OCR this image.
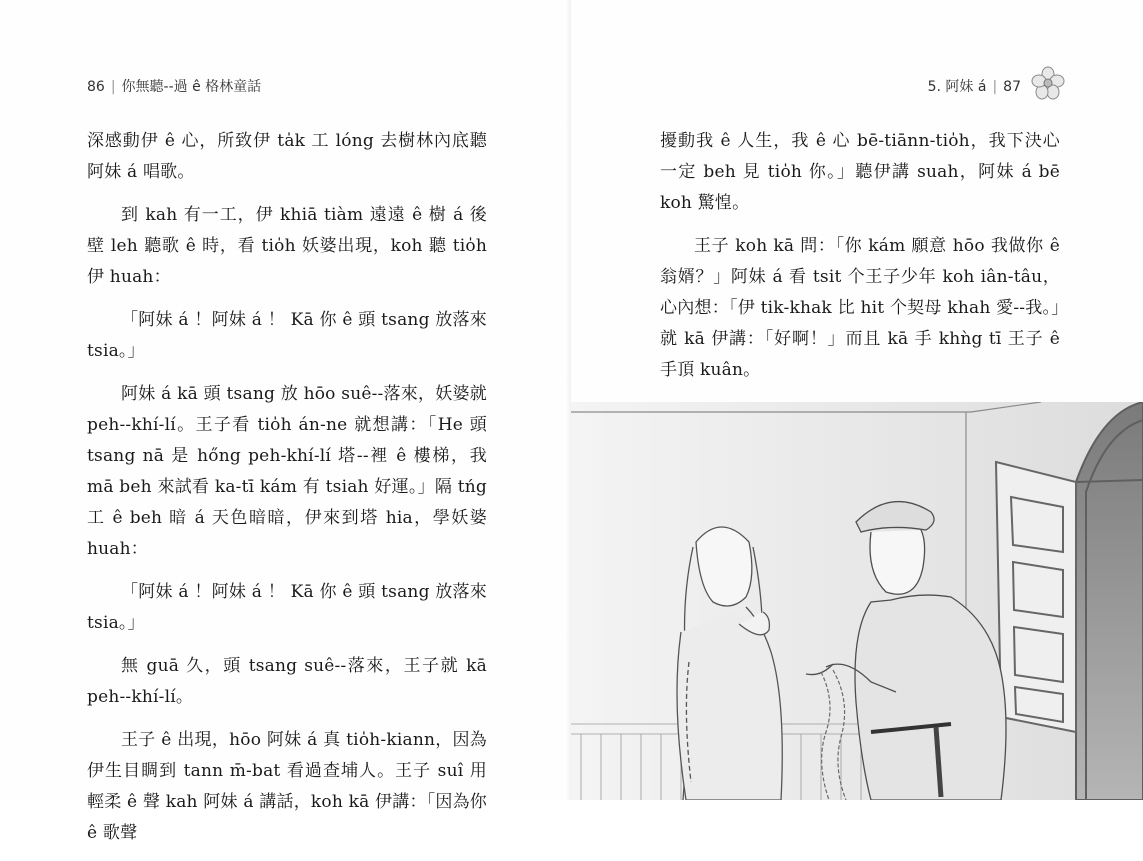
86 | 你無聽--過 ê 格林童話

深感動伊 ê 心，所致伊 ta̍k 工 lóng 去樹林內底聽阿妹 á 唱歌。

到 kah 有一工，伊 khiā tiàm 遠遠 ê 樹 á 後壁 leh 聽歌 ê 時，看 tio̍h 妖婆出現，koh 聽 tio̍h 伊 huah：

「阿妹 á ！阿妹 á ！ Kā 你 ê 頭 tsang 放落來 tsia。」

阿妹 á kā 頭 tsang 放 hōo suê--落來，妖婆就 peh--khí-lí。王子看 tio̍h án-ne 就想講：「He 頭 tsang nā 是 hőng peh-khí-lí 塔--裡 ê 樓梯，我 mā beh 來試看 ka-tī kám 有 tsiah 好運。」隔 tńg 工 ê beh 暗 á 天色暗暗，伊來到塔 hia，學妖婆 huah：

「阿妹 á ！阿妹 á ！ Kā 你 ê 頭 tsang 放落來 tsia。」

無 guā 久，頭 tsang suê--落來，王子就 kā peh--khí-lí。

王子 ê 出現，hōo 阿妹 á 真 tio̍h-kiann，因為伊生目睭到 tann m̄-bat 看過查埔人。王子 suî 用輕柔 ê 聲 kah 阿妹 á 講話，koh kā 伊講：「因為你 ê 歌聲

5. 阿妹 á | 87

擾動我 ê 人生，我 ê 心 bē-tiānn-tio̍h，我下決心一定 beh 見 tio̍h 你。」聽伊講 suah，阿妹 á bē koh 驚惶。

王子 koh kā 問：「你 kám 願意 hōo 我做你 ê 翁婿？」阿妹 á 看 tsit 个王子少年 koh iân-tâu，心內想：「伊 tik-khak 比 hit 个契母 khah 愛--我。」就 kā 伊講：「好啊！」而且 kā 手 khǹg tī 王子 ê 手頂 kuân。
